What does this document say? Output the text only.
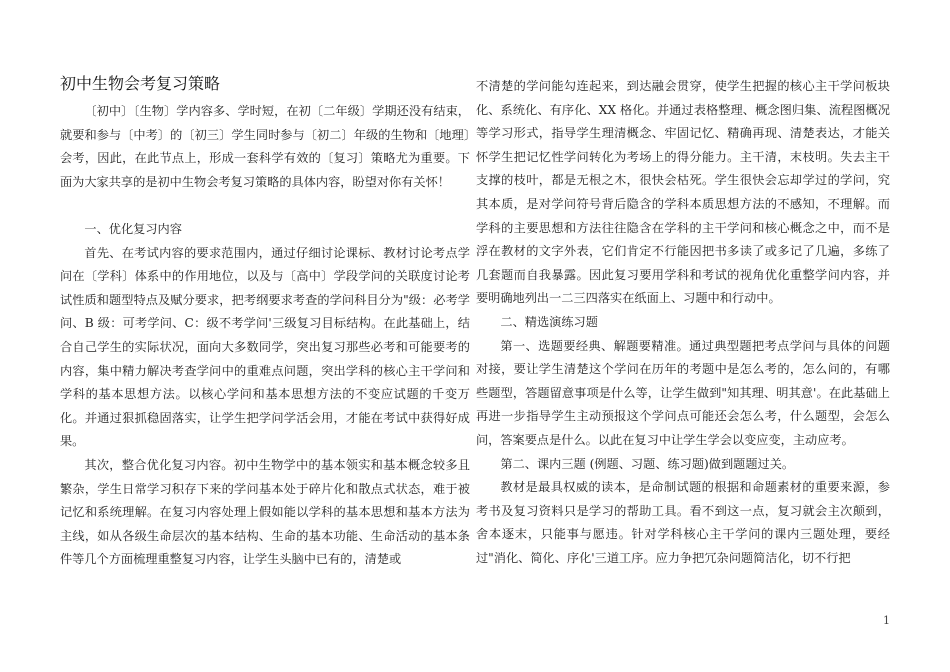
初中生物会考复习策略

〔初中〕〔生物〕学内容多、学时短，在初〔二年级〕学期还没有结束，就要和参与〔中考〕的〔初三〕学生同时参与〔初二〕年级的生物和〔地理〕会考，因此，在此节点上，形成一套科学有效的〔复习〕策略尤为重要。下面为大家共享的是初中生物会考复习策略的具体内容，盼望对你有关怀！

一、优化复习内容

首先、在考试内容的要求范围内，通过仔细讨论课标、教材讨论考点学问在〔学科〕体系中的作用地位，以及与〔高中〕学段学问的关联度讨论考试性质和题型特点及赋分要求，把考纲要求考查的学问科目分为"级：必考学问、B 级：可考学问、C：级不考学问'三级复习目标结构。在此基础上，结合自己学生的实际状况，面向大多数同学，突出复习那些必考和可能要考的内容，集中精力解决考查学问中的重难点问题，突出学科的核心主干学问和学科的基本思想方法。以核心学问和基本思想方法的不变应试题的千变万化。并通过狠抓稳固落实，让学生把学问学活会用，才能在考试中获得好成果。

其次，整合优化复习内容。初中生物学中的基本领实和基本概念较多且繁杂，学生日常学习积存下来的学问基本处于碎片化和散点式状态，难于被记忆和系统理解。在复习内容处理上假如能以学科的基本思想和基本方法为主线，如从各级生命层次的基本结构、生命的基本功能、生命活动的基本条件等几个方面梳理重整复习内容，让学生头脑中已有的，清楚或

不清楚的学问能勾连起来，到达融会贯穿，使学生把握的核心主干学问板块化、系统化、有序化、XX 格化。并通过表格整理、概念图归集、流程图概况等学习形式，指导学生理清概念、牢固记忆、精确再现、清楚表达，才能关怀学生把记忆性学问转化为考场上的得分能力。主干清，末枝明。失去主干支撑的枝叶，都是无根之木，很快会枯死。学生很快会忘却学过的学问，究其本质，是对学问符号背后隐含的学科本质思想方法的不感知，不理解。而学科的主要思想和方法往往隐含在学科的主干学问和核心概念之中，而不是浮在教材的文字外表，它们肯定不行能因把书多读了或多记了几遍，多练了几套题而自我暴露。因此复习要用学科和考试的视角优化重整学问内容，并要明确地列出一二三四落实在纸面上、习题中和行动中。

二、精选演练习题

第一、选题要经典、解题要精准。通过典型题把考点学问与具体的问题对接，要让学生清楚这个学问在历年的考题中是怎么考的，怎么问的，有哪些题型，答题留意事项是什么等，让学生做到"知其理、明其意'。在此基础上再进一步指导学生主动预报这个学问点可能还会怎么考，什么题型，会怎么问，答案要点是什么。以此在复习中让学生学会以变应变，主动应考。

第二、课内三题 (例题、习题、练习题)做到题题过关。

教材是最具权威的读本，是命制试题的根据和命题素材的重要来源，参考书及复习资料只是学习的帮助工具。看不到这一点，复习就会主次颠到，舍本逐末，只能事与愿违。针对学科核心主干学问的课内三题处理，要经过"消化、简化、序化'三道工序。应力争把冗杂问题简洁化，切不行把

1
